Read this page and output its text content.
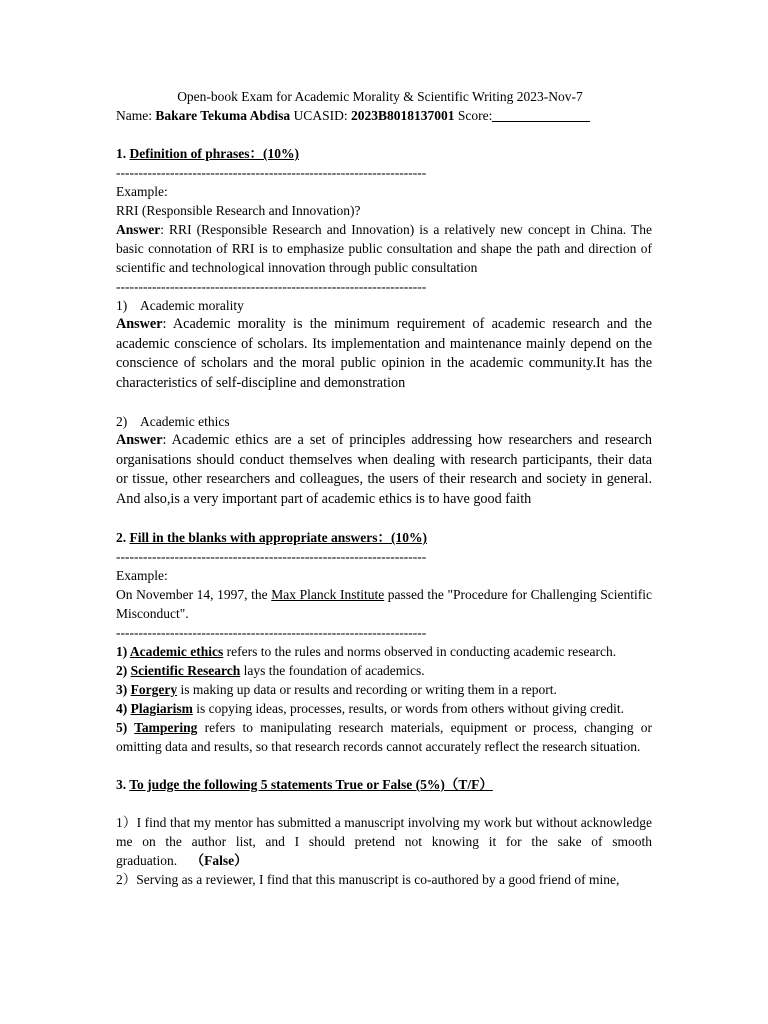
Open-book Exam for Academic Morality & Scientific Writing 2023-Nov-7

Name: Bakare Tekuma Abdisa UCASID: 2023B8018137001 Score:

1. Definition of phrases：(10%)

---------------------------------------------------------------------

Example:

RRI (Responsible Research and Innovation)?

Answer: RRI (Responsible Research and Innovation) is a relatively new concept in China. The basic connotation of RRI is to emphasize public consultation and shape the path and direction of scientific and technological innovation through public consultation

---------------------------------------------------------------------

1) Academic morality

Answer: Academic morality is the minimum requirement of academic research and the academic conscience of scholars. Its implementation and maintenance mainly depend on the conscience of scholars and the moral public opinion in the academic community.It has the characteristics of self-discipline and demonstration

2) Academic ethics

Answer: Academic ethics are a set of principles addressing how researchers and research organisations should conduct themselves when dealing with research participants, their data or tissue, other researchers and colleagues, the users of their research and society in general. And also,is a very important part of academic ethics is to have good faith

2. Fill in the blanks with appropriate answers：(10%)

---------------------------------------------------------------------

Example:

On November 14, 1997, the Max Planck Institute passed the "Procedure for Challenging Scientific Misconduct".

---------------------------------------------------------------------

1) Academic ethics refers to the rules and norms observed in conducting academic research.

2) Scientific Research lays the foundation of academics.

3) Forgery is making up data or results and recording or writing them in a report.

4) Plagiarism is copying ideas, processes, results, or words from others without giving credit.

5) Tampering refers to manipulating research materials, equipment or process, changing or omitting data and results, so that research records cannot accurately reflect the research situation.

3. To judge the following 5 statements True or False (5%)（T/F）

1）I find that my mentor has submitted a manuscript involving my work but without acknowledge me on the author list, and I should pretend not knowing it for the sake of smooth graduation. （False）

2）Serving as a reviewer, I find that this manuscript is co-authored by a good friend of mine,
